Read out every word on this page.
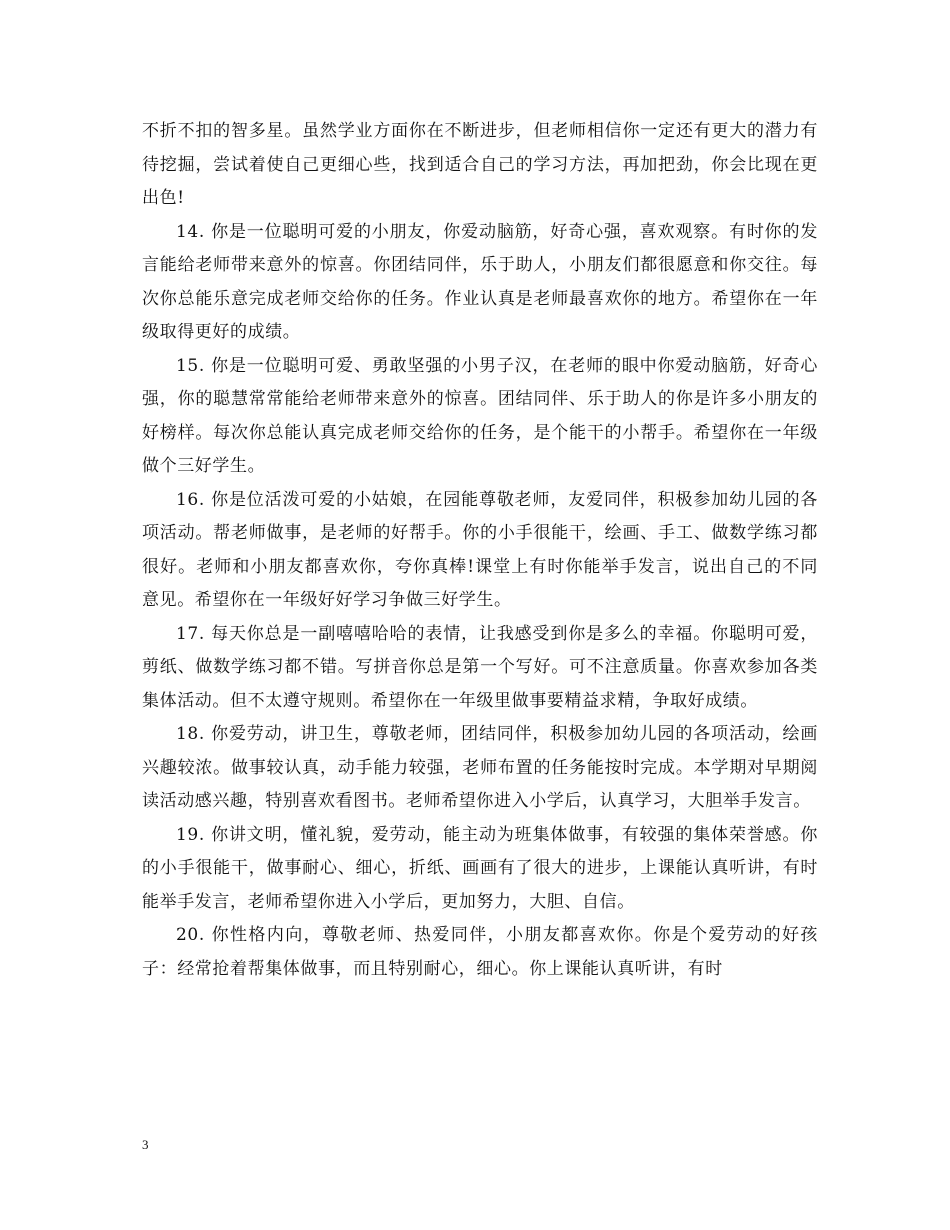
不折不扣的智多星。虽然学业方面你在不断进步，但老师相信你一定还有更大的潜力有待挖掘，尝试着使自己更细心些，找到适合自己的学习方法，再加把劲，你会比现在更出色!

14. 你是一位聪明可爱的小朋友，你爱动脑筋，好奇心强，喜欢观察。有时你的发言能给老师带来意外的惊喜。你团结同伴，乐于助人，小朋友们都很愿意和你交往。每次你总能乐意完成老师交给你的任务。作业认真是老师最喜欢你的地方。希望你在一年级取得更好的成绩。

15. 你是一位聪明可爱、勇敢坚强的小男子汉，在老师的眼中你爱动脑筋，好奇心强，你的聪慧常常能给老师带来意外的惊喜。团结同伴、乐于助人的你是许多小朋友的好榜样。每次你总能认真完成老师交给你的任务，是个能干的小帮手。希望你在一年级做个三好学生。

16. 你是位活泼可爱的小姑娘，在园能尊敬老师，友爱同伴，积极参加幼儿园的各项活动。帮老师做事，是老师的好帮手。你的小手很能干，绘画、手工、做数学练习都很好。老师和小朋友都喜欢你，夸你真棒!课堂上有时你能举手发言，说出自己的不同意见。希望你在一年级好好学习争做三好学生。

17. 每天你总是一副嘻嘻哈哈的表情，让我感受到你是多么的幸福。你聪明可爱，剪纸、做数学练习都不错。写拼音你总是第一个写好。可不注意质量。你喜欢参加各类集体活动。但不太遵守规则。希望你在一年级里做事要精益求精，争取好成绩。

18. 你爱劳动，讲卫生，尊敬老师，团结同伴，积极参加幼儿园的各项活动，绘画兴趣较浓。做事较认真，动手能力较强，老师布置的任务能按时完成。本学期对早期阅读活动感兴趣，特别喜欢看图书。老师希望你进入小学后，认真学习，大胆举手发言。

19. 你讲文明，懂礼貌，爱劳动，能主动为班集体做事，有较强的集体荣誉感。你的小手很能干，做事耐心、细心，折纸、画画有了很大的进步，上课能认真听讲，有时能举手发言，老师希望你进入小学后，更加努力，大胆、自信。

20. 你性格内向，尊敬老师、热爱同伴，小朋友都喜欢你。你是个爱劳动的好孩子：经常抢着帮集体做事，而且特别耐心，细心。你上课能认真听讲，有时

3
